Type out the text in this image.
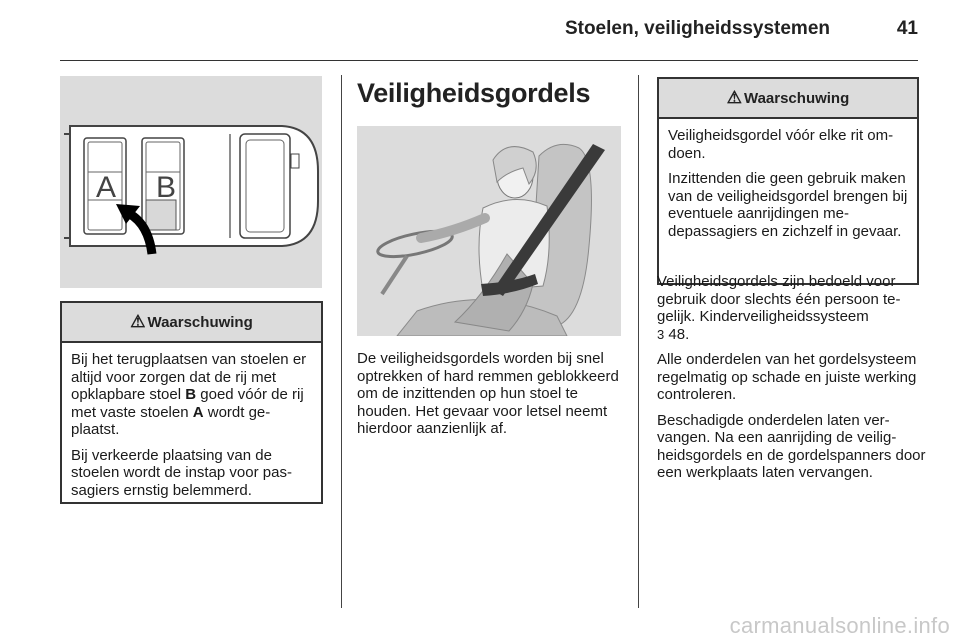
Stoelen, veiligheidssystemen	41
A B
⚠ Waarschuwing

Bij het terugplaatsen van stoelen er altijd voor zorgen dat de rij met opklapbare stoel B goed vóór de rij met vaste stoelen A wordt geplaatst.

Bij verkeerde plaatsing van de stoelen wordt de instap voor passagiers ernstig belemmerd.

Veiligheidsgordels

De veiligheidsgordels worden bij snel optrekken of hard remmen geblokkeerd om de inzittenden op hun stoel te houden. Het gevaar voor letsel neemt hierdoor aanzienlijk af.

⚠ Waarschuwing

Veiligheidsgordel vóór elke rit omdoen.

Inzittenden die geen gebruik maken van de veiligheidsgordel brengen bij eventuele aanrijdingen medepassagiers en zichzelf in gevaar.

Veiligheidsgordels zijn bedoeld voor gebruik door slechts één persoon tegelijk. Kinderveiligheidssysteem
3 48.

Alle onderdelen van het gordelsysteem regelmatig op schade en juiste werking controleren.

Beschadigde onderdelen laten vervangen. Na een aanrijding de veiligheidsgordels en de gordelspanners door een werkplaats laten vervangen.

carmanualsonline.info
